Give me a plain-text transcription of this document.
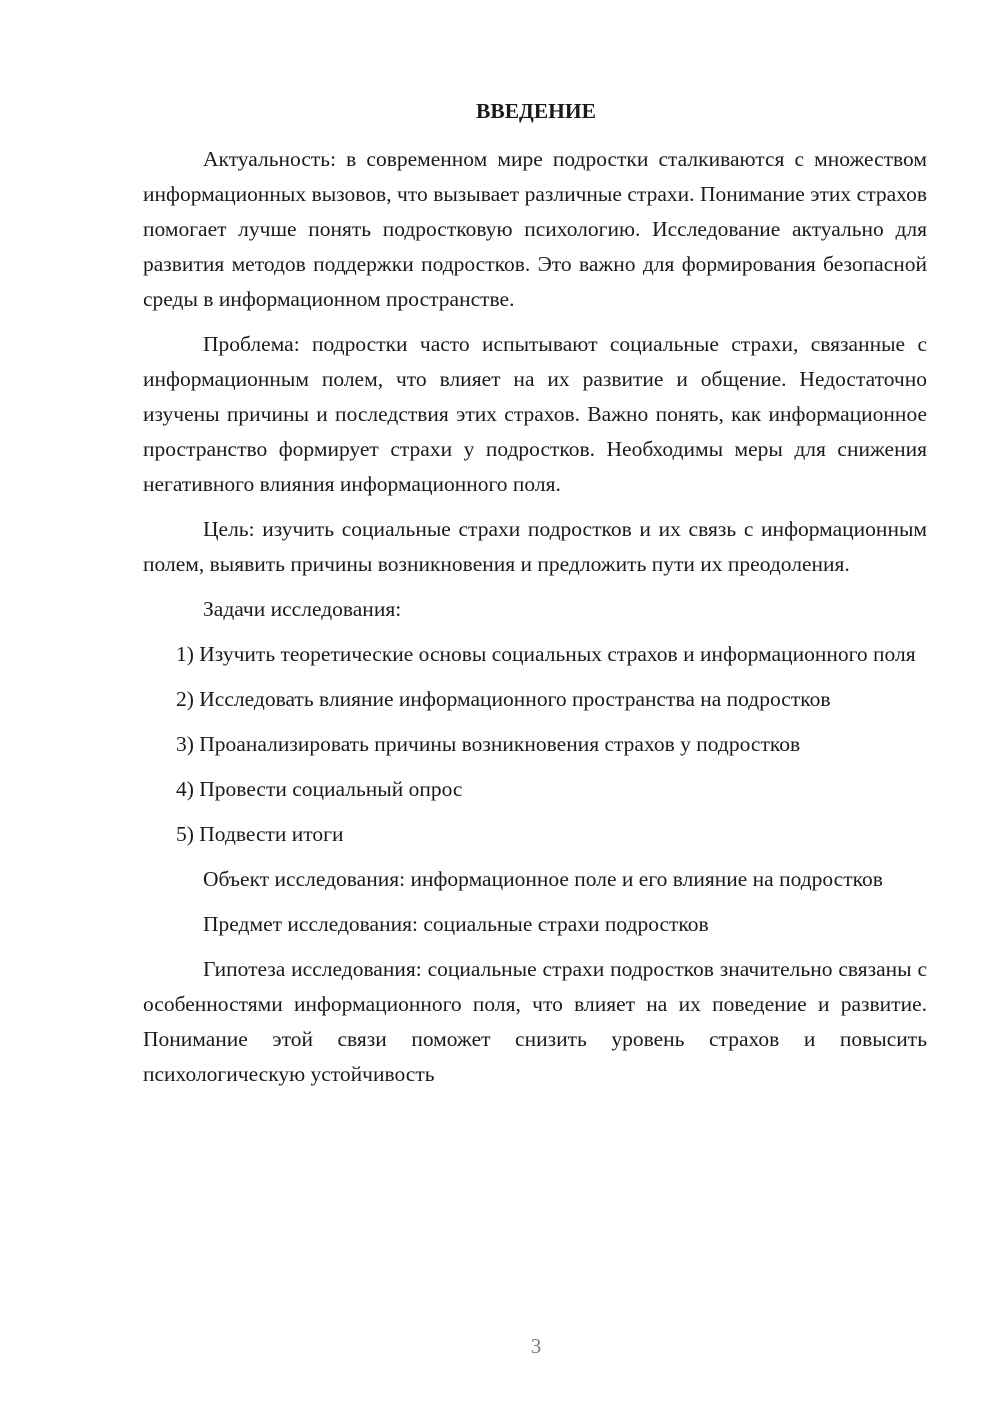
ВВЕДЕНИЕ

Актуальность: в современном мире подростки сталкиваются с множеством информационных вызовов, что вызывает различные страхи. Понимание этих страхов помогает лучше понять подростковую психологию. Исследование актуально для развития методов поддержки подростков. Это важно для формирования безопасной среды в информационном пространстве.

Проблема: подростки часто испытывают социальные страхи, связанные с информационным полем, что влияет на их развитие и общение. Недостаточно изучены причины и последствия этих страхов. Важно понять, как информационное пространство формирует страхи у подростков. Необходимы меры для снижения негативного влияния информационного поля.

Цель: изучить социальные страхи подростков и их связь с информационным полем, выявить причины возникновения и предложить пути их преодоления.

Задачи исследования:

1) Изучить теоретические основы социальных страхов и информационного поля

2) Исследовать влияние информационного пространства на подростков

3) Проанализировать причины возникновения страхов у подростков

4) Провести социальный опрос

5) Подвести итоги

Объект исследования: информационное поле и его влияние на подростков

Предмет исследования: социальные страхи подростков

Гипотеза исследования: социальные страхи подростков значительно связаны с особенностями информационного поля, что влияет на их поведение и развитие. Понимание этой связи поможет снизить уровень страхов и повысить психологическую устойчивость

3
